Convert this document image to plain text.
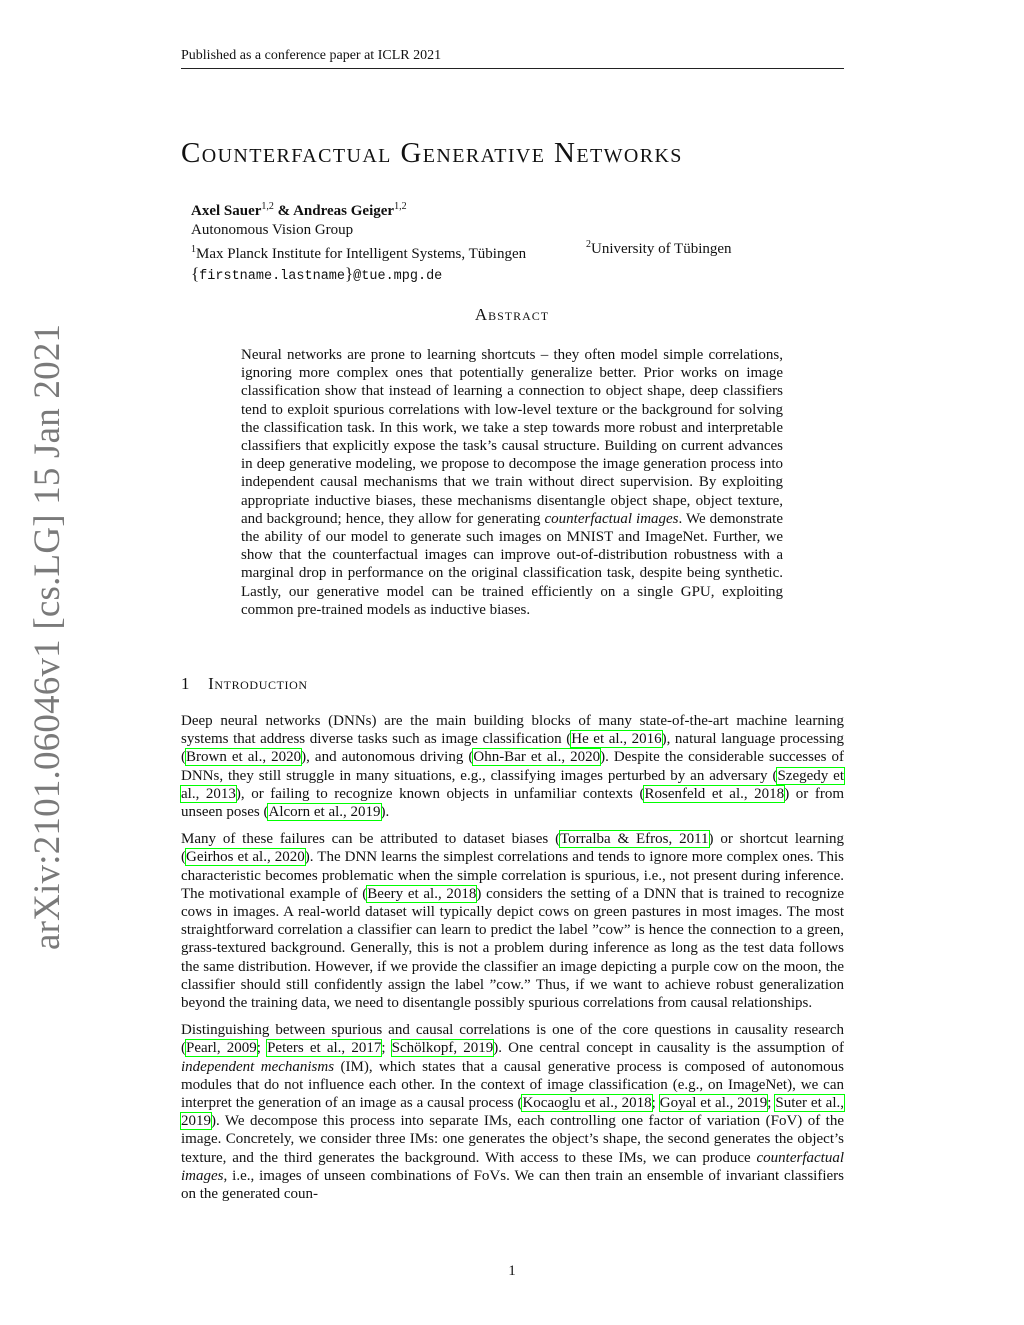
Published as a conference paper at ICLR 2021
arXiv:2101.06046v1 [cs.LG] 15 Jan 2021
Counterfactual Generative Networks
Axel Sauer$^{1,2}$ & Andreas Geiger$^{1,2}$
Autonomous Vision Group
$^1$Max Planck Institute for Intelligent Systems, Tübingen
$^2$University of Tübingen
{firstname.lastname}@tue.mpg.de
Abstract
Neural networks are prone to learning shortcuts – they often model simple correlations, ignoring more complex ones that potentially generalize better. Prior works on image classification show that instead of learning a connection to object shape, deep classifiers tend to exploit spurious correlations with low-level texture or the background for solving the classification task. In this work, we take a step towards more robust and interpretable classifiers that explicitly expose the task’s causal structure. Building on current advances in deep generative modeling, we propose to decompose the image generation process into independent causal mechanisms that we train without direct supervision. By exploiting appropriate inductive biases, these mechanisms disentangle object shape, object texture, and background; hence, they allow for generating counterfactual images. We demonstrate the ability of our model to generate such images on MNIST and ImageNet. Further, we show that the counterfactual images can improve out-of-distribution robustness with a marginal drop in performance on the original classification task, despite being synthetic. Lastly, our generative model can be trained efficiently on a single GPU, exploiting common pre-trained models as inductive biases.
1 Introduction

Deep neural networks (DNNs) are the main building blocks of many state-of-the-art machine learning systems that address diverse tasks such as image classification (He et al., 2016), natural language processing (Brown et al., 2020), and autonomous driving (Ohn-Bar et al., 2020). Despite the considerable successes of DNNs, they still struggle in many situations, e.g., classifying images perturbed by an adversary (Szegedy et al., 2013), or failing to recognize known objects in unfamiliar contexts (Rosenfeld et al., 2018) or from unseen poses (Alcorn et al., 2019).

Many of these failures can be attributed to dataset biases (Torralba & Efros, 2011) or shortcut learning (Geirhos et al., 2020). The DNN learns the simplest correlations and tends to ignore more complex ones. This characteristic becomes problematic when the simple correlation is spurious, i.e., not present during inference. The motivational example of (Beery et al., 2018) considers the setting of a DNN that is trained to recognize cows in images. A real-world dataset will typically depict cows on green pastures in most images. The most straightforward correlation a classifier can learn to predict the label ”cow” is hence the connection to a green, grass-textured background. Generally, this is not a problem during inference as long as the test data follows the same distribution. However, if we provide the classifier an image depicting a purple cow on the moon, the classifier should still confidently assign the label ”cow.” Thus, if we want to achieve robust generalization beyond the training data, we need to disentangle possibly spurious correlations from causal relationships.

Distinguishing between spurious and causal correlations is one of the core questions in causality research (Pearl, 2009; Peters et al., 2017; Schölkopf, 2019). One central concept in causality is the assumption of independent mechanisms (IM), which states that a causal generative process is composed of autonomous modules that do not influence each other. In the context of image classification (e.g., on ImageNet), we can interpret the generation of an image as a causal process (Kocaoglu et al., 2018; Goyal et al., 2019; Suter et al., 2019). We decompose this process into separate IMs, each controlling one factor of variation (FoV) of the image. Concretely, we consider three IMs: one generates the object’s shape, the second generates the object’s texture, and the third generates the background. With access to these IMs, we can produce counterfactual images, i.e., images of unseen combinations of FoVs. We can then train an ensemble of invariant classifiers on the generated coun-

1
